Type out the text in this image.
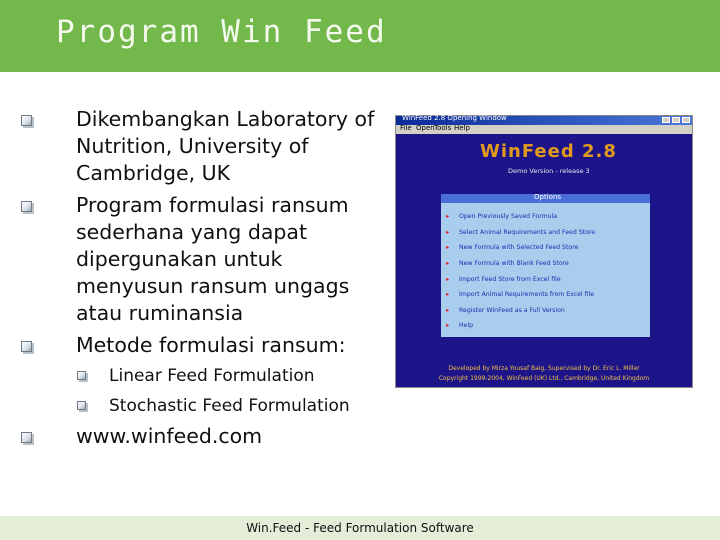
Program Win Feed
Dikembangkan Laboratory of
Nutrition, University of
Cambridge, UK
Program formulasi ransum
sederhana yang dapat
dipergunakan untuk
menyusun ransum ungags
atau ruminansia
Metode formulasi ransum:
Linear Feed Formulation
Stochastic Feed Formulation
www.winfeed.com
WinFeed 2.8 Opening Window
File Open Tools Help
WinFeed 2.8
Demo Version - release 3
Options
▸ Open Previously Saved Formula
▸ Select Animal Requirements and Feed Store
▸ New Formula with Selected Feed Store
▸ New Formula with Blank Feed Store
▸ Import Feed Store from Excel file
▸ Import Animal Requirements from Excel file
▸ Register WinFeed as a Full Version
▸ Help
Developed by Mirza Yousaf Baig, Supervised by Dr. Eric L. Miller
Copyright 1999-2004, WinFeed (UK) Ltd., Cambridge, United Kingdom
Win.Feed - Feed Formulation Software
